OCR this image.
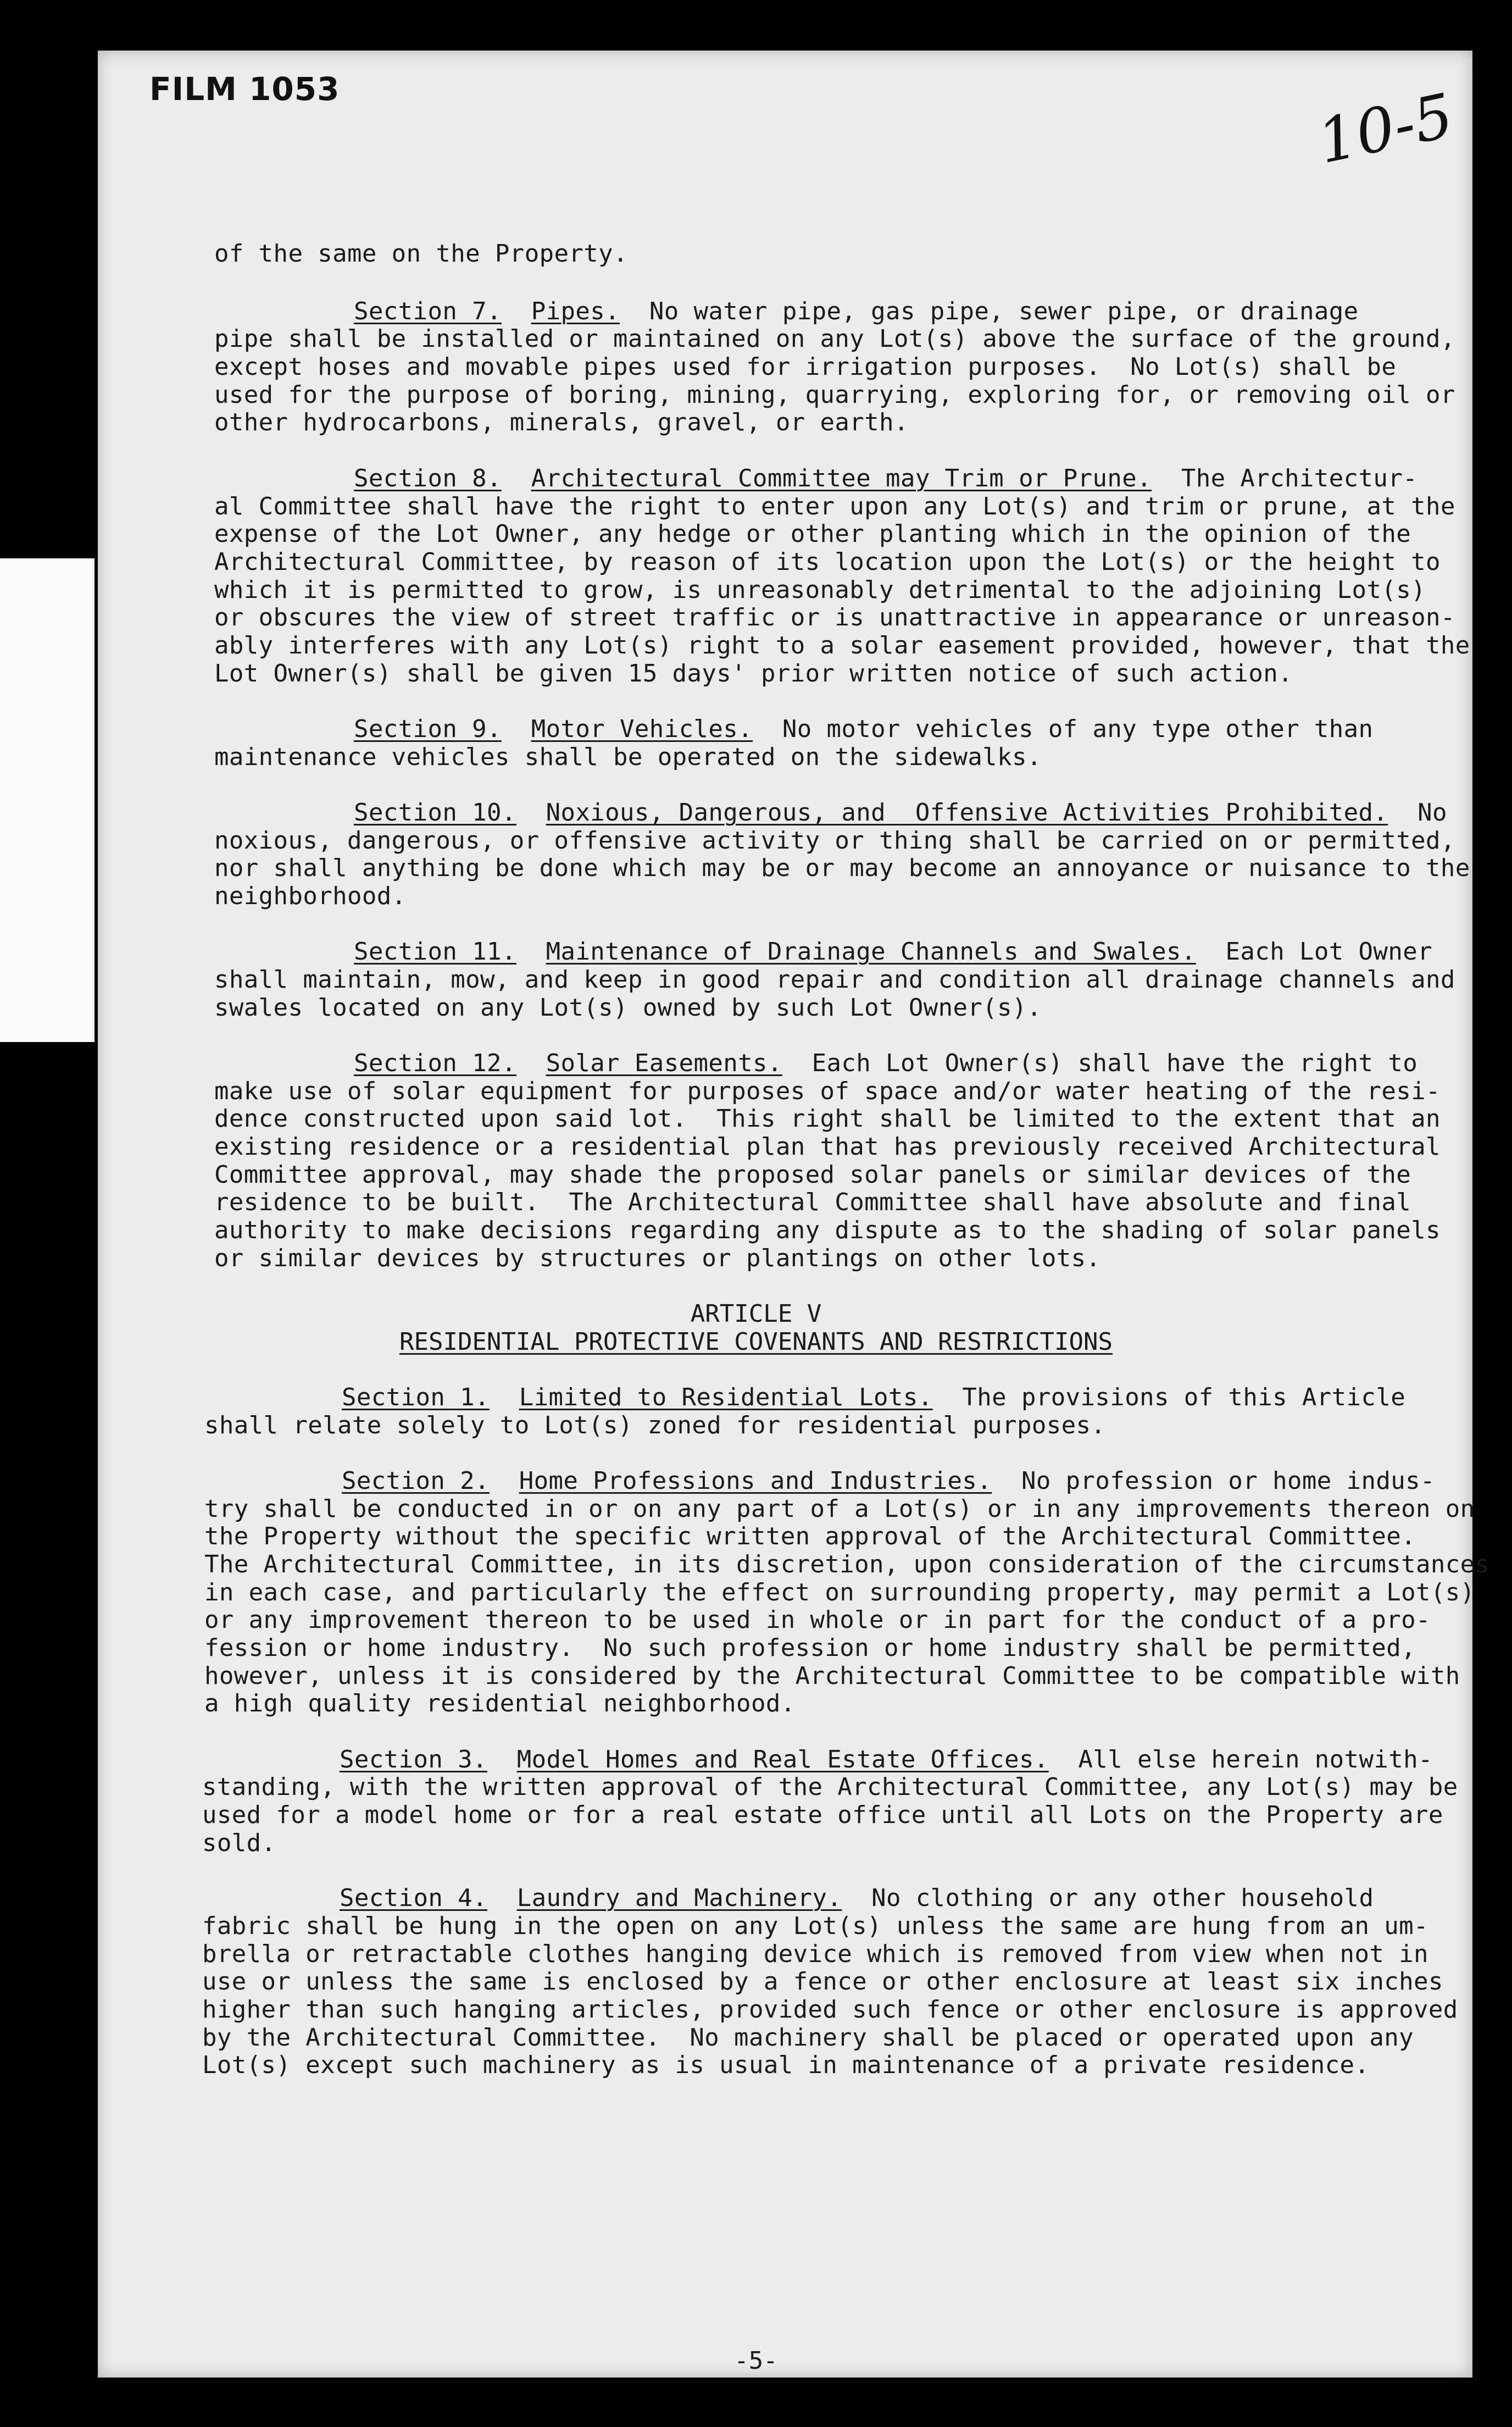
FILM 1053	10-5
of the same on the Property.
Section 7. Pipes. No water pipe, gas pipe, sewer pipe, or drainage
pipe shall be installed or maintained on any Lot(s) above the surface of the ground,
except hoses and movable pipes used for irrigation purposes.  No Lot(s) shall be
used for the purpose of boring, mining, quarrying, exploring for, or removing oil or
other hydrocarbons, minerals, gravel, or earth.
Section 8. Architectural Committee may Trim or Prune. The Architectur-
al Committee shall have the right to enter upon any Lot(s) and trim or prune, at the
expense of the Lot Owner, any hedge or other planting which in the opinion of the
Architectural Committee, by reason of its location upon the Lot(s) or the height to
which it is permitted to grow, is unreasonably detrimental to the adjoining Lot(s)
or obscures the view of street traffic or is unattractive in appearance or unreason-
ably interferes with any Lot(s) right to a solar easement provided, however, that the
Lot Owner(s) shall be given 15 days' prior written notice of such action.
Section 9. Motor Vehicles. No motor vehicles of any type other than
maintenance vehicles shall be operated on the sidewalks.
Section 10. Noxious, Dangerous, and  Offensive Activities Prohibited. No
noxious, dangerous, or offensive activity or thing shall be carried on or permitted,
nor shall anything be done which may be or may become an annoyance or nuisance to the
neighborhood.
Section 11. Maintenance of Drainage Channels and Swales. Each Lot Owner
shall maintain, mow, and keep in good repair and condition all drainage channels and
swales located on any Lot(s) owned by such Lot Owner(s).
Section 12. Solar Easements. Each Lot Owner(s) shall have the right to
make use of solar equipment for purposes of space and/or water heating of the resi-
dence constructed upon said lot.  This right shall be limited to the extent that an
existing residence or a residential plan that has previously received Architectural
Committee approval, may shade the proposed solar panels or similar devices of the
residence to be built.  The Architectural Committee shall have absolute and final
authority to make decisions regarding any dispute as to the shading of solar panels
or similar devices by structures or plantings on other lots.
ARTICLE V
RESIDENTIAL PROTECTIVE COVENANTS AND RESTRICTIONS
Section 1. Limited to Residential Lots. The provisions of this Article
shall relate solely to Lot(s) zoned for residential purposes.
Section 2. Home Professions and Industries. No profession or home indus-
try shall be conducted in or on any part of a Lot(s) or in any improvements thereon on
the Property without the specific written approval of the Architectural Committee.
The Architectural Committee, in its discretion, upon consideration of the circumstances
in each case, and particularly the effect on surrounding property, may permit a Lot(s)
or any improvement thereon to be used in whole or in part for the conduct of a pro-
fession or home industry.  No such profession or home industry shall be permitted,
however, unless it is considered by the Architectural Committee to be compatible with
a high quality residential neighborhood.
Section 3. Model Homes and Real Estate Offices. All else herein notwith-
standing, with the written approval of the Architectural Committee, any Lot(s) may be
used for a model home or for a real estate office until all Lots on the Property are
sold.
Section 4. Laundry and Machinery. No clothing or any other household
fabric shall be hung in the open on any Lot(s) unless the same are hung from an um-
brella or retractable clothes hanging device which is removed from view when not in
use or unless the same is enclosed by a fence or other enclosure at least six inches
higher than such hanging articles, provided such fence or other enclosure is approved
by the Architectural Committee.  No machinery shall be placed or operated upon any
Lot(s) except such machinery as is usual in maintenance of a private residence.
-5-
